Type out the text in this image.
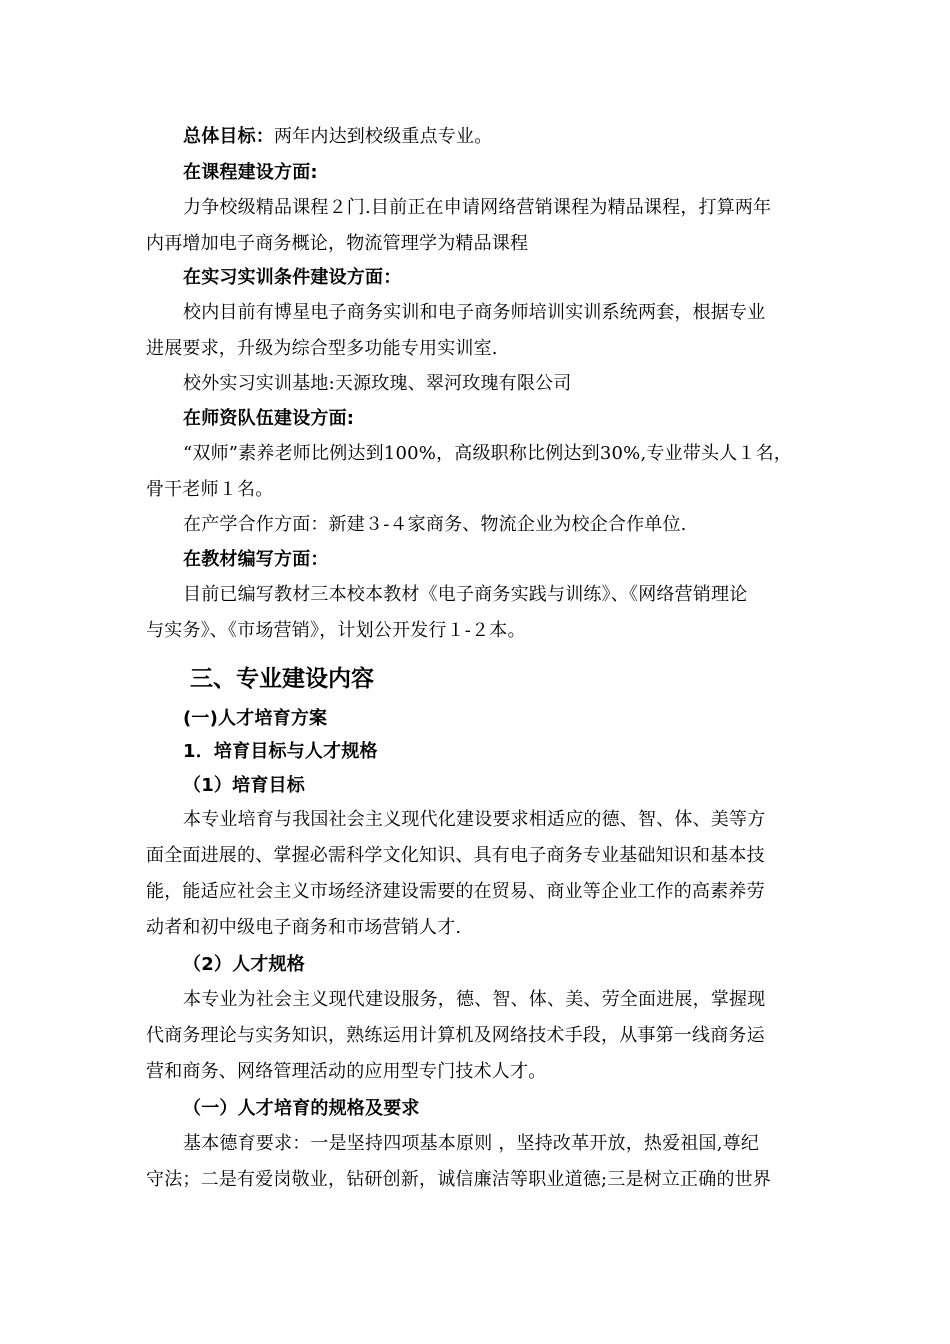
总体目标：两年内达到校级重点专业。
在课程建设方面:
力争校级精品课程２门.目前正在申请网络营销课程为精品课程，打算两年
内再增加电子商务概论，物流管理学为精品课程
在实习实训条件建设方面：
校内目前有博星电子商务实训和电子商务师培训实训系统两套，根据专业
进展要求，升级为综合型多功能专用实训室.
校外实习实训基地:天源玫瑰、翠河玫瑰有限公司
在师资队伍建设方面:
“双师”素养老师比例达到100%，高级职称比例达到30%,专业带头人１名，
骨干老师１名。
在产学合作方面：新建３-４家商务、物流企业为校企合作单位.
在教材编写方面：
目前已编写教材三本校本教材《电子商务实践与训练》、《网络营销理论
与实务》、《市场营销》，计划公开发行１-２本。
三、专业建设内容
(一)人才培育方案
1．培育目标与人才规格
（1）培育目标
本专业培育与我国社会主义现代化建设要求相适应的德、智、体、美等方
面全面进展的、掌握必需科学文化知识、具有电子商务专业基础知识和基本技
能，能适应社会主义市场经济建设需要的在贸易、商业等企业工作的高素养劳
动者和初中级电子商务和市场营销人才.
（2）人才规格
本专业为社会主义现代建设服务，德、智、体、美、劳全面进展，掌握现
代商务理论与实务知识，熟练运用计算机及网络技术手段，从事第一线商务运
营和商务、网络管理活动的应用型专门技术人才。
（一）人才培育的规格及要求
基本德育要求：一是坚持四项基本原则 ，坚持改革开放，热爱祖国,尊纪
守法；二是有爱岗敬业，钻研创新，诚信廉洁等职业道德;三是树立正确的世界
